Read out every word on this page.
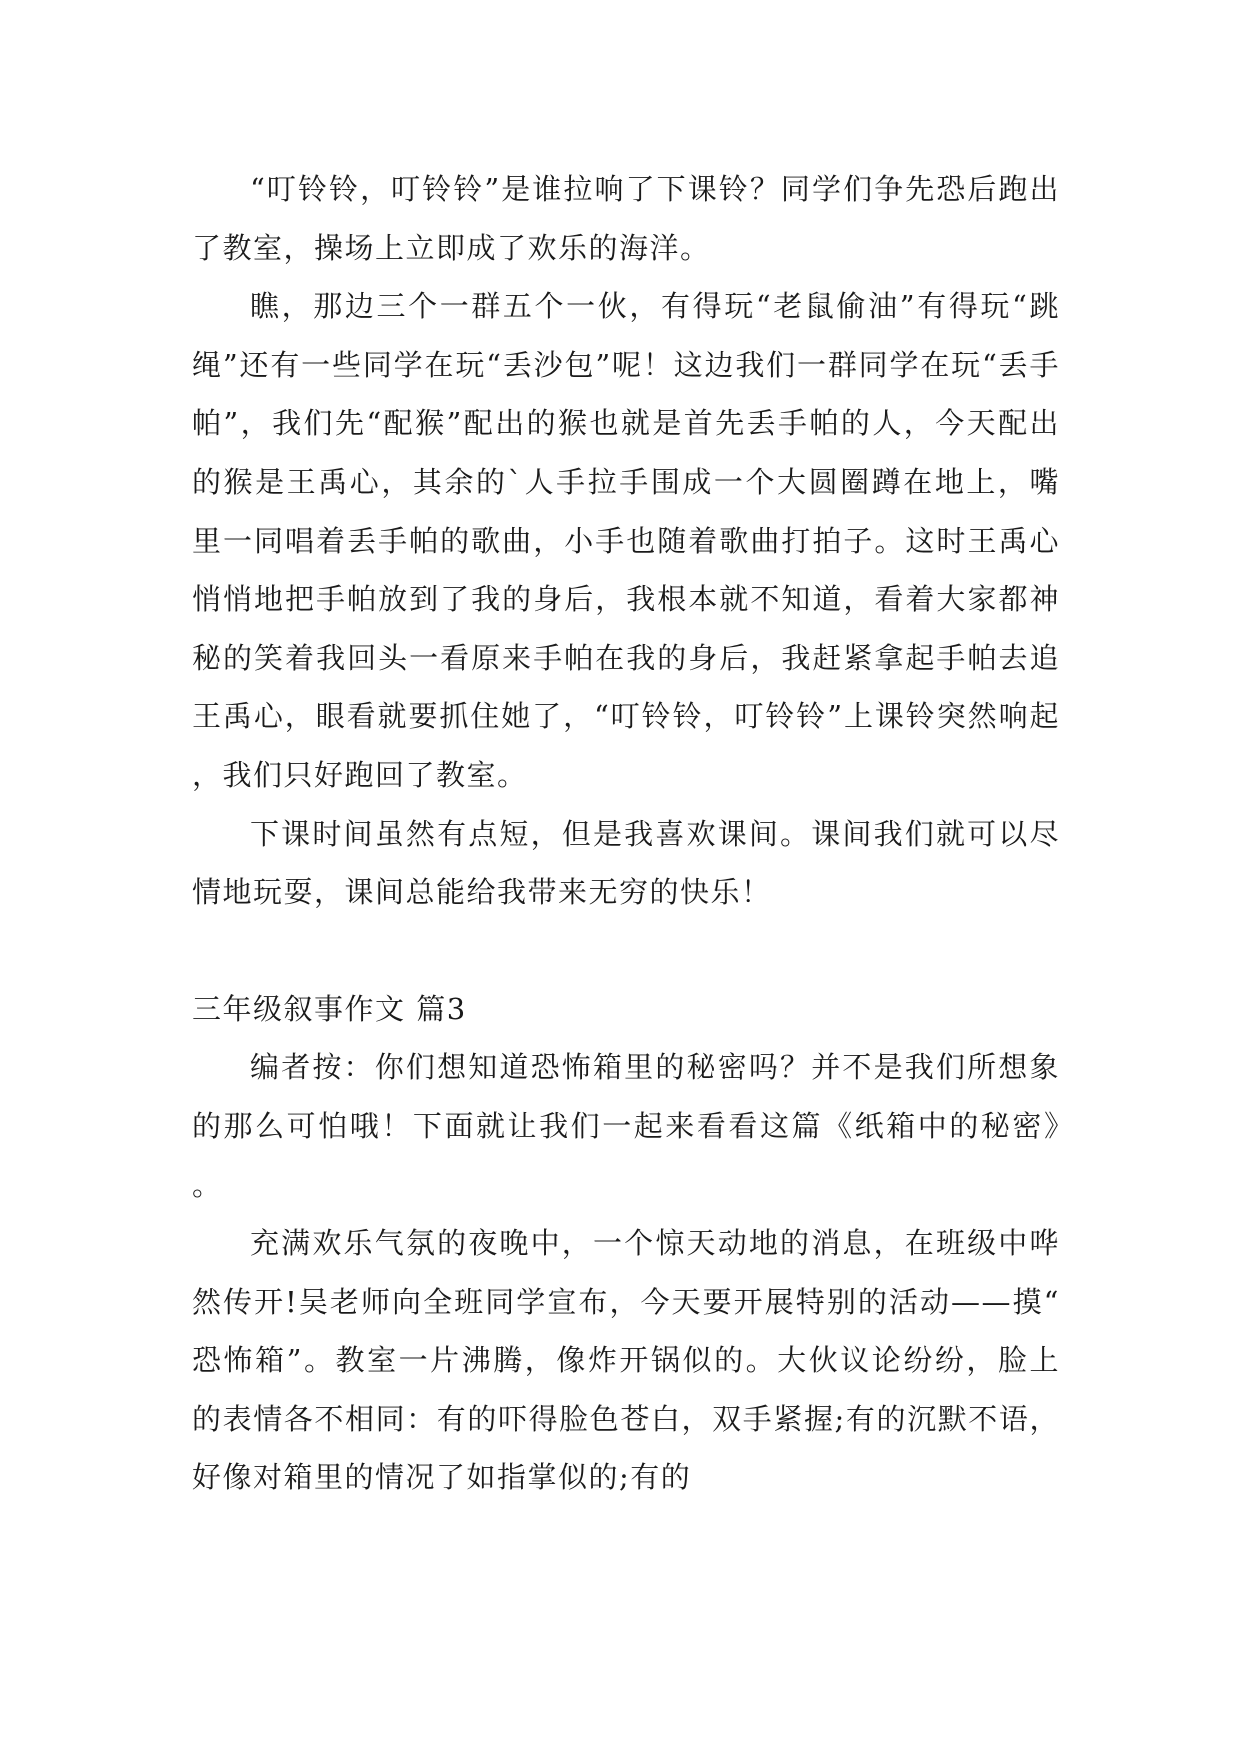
“叮铃铃，叮铃铃”是谁拉响了下课铃？同学们争先恐后跑出了教室，操场上立即成了欢乐的海洋。

瞧，那边三个一群五个一伙，有得玩“老鼠偷油”有得玩“跳绳”还有一些同学在玩“丢沙包”呢！这边我们一群同学在玩“丢手帕”，我们先“配猴”配出的猴也就是首先丢手帕的人，今天配出的猴是王禹心，其余的`人手拉手围成一个大圆圈蹲在地上，嘴里一同唱着丢手帕的歌曲，小手也随着歌曲打拍子。这时王禹心悄悄地把手帕放到了我的身后，我根本就不知道，看着大家都神秘的笑着我回头一看原来手帕在我的身后，我赶紧拿起手帕去追王禹心，眼看就要抓住她了，“叮铃铃，叮铃铃”上课铃突然响起，我们只好跑回了教室。

下课时间虽然有点短，但是我喜欢课间。课间我们就可以尽情地玩耍，课间总能给我带来无穷的快乐！

三年级叙事作文 篇3

编者按：你们想知道恐怖箱里的秘密吗？并不是我们所想象的那么可怕哦！下面就让我们一起来看看这篇《纸箱中的秘密》。

充满欢乐气氛的夜晚中，一个惊天动地的消息，在班级中哗然传开!吴老师向全班同学宣布，今天要开展特别的活动——摸“恐怖箱”。教室一片沸腾，像炸开锅似的。大伙议论纷纷，脸上的表情各不相同：有的吓得脸色苍白，双手紧握;有的沉默不语，好像对箱里的情况了如指掌似的;有的
